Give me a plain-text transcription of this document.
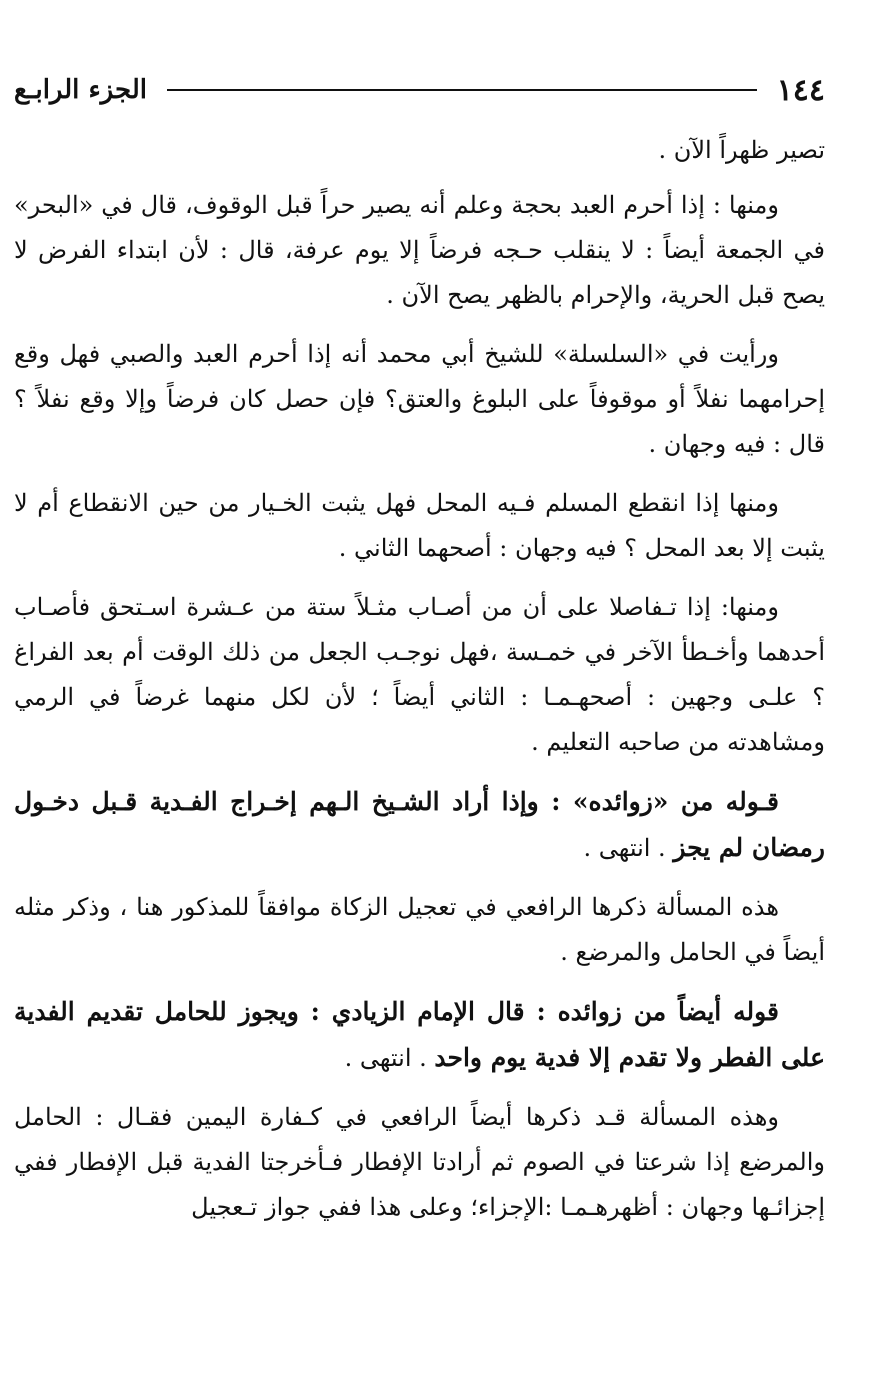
١٤٤
الجزء الرابـع

تصير ظهراً الآن .

ومنها : إذا أحرم العبد بحجة وعلم أنه يصير حراً قبل الوقوف، قال في «البحر» في الجمعة أيضاً : لا ينقلب حـجه فرضاً إلا يوم عرفة، قال : لأن ابتداء الفرض لا يصح قبل الحرية، والإحرام بالظهر يصح الآن .

ورأيت في «السلسلة» للشيخ أبي محمد أنه إذا أحرم العبد والصبي فهل وقع إحرامهما نفلاً أو موقوفاً على البلوغ والعتق؟ فإن حصل كان فرضاً وإلا وقع نفلاً ؟ قال : فيه وجهان .

ومنها إذا انقطع المسلم فـيه المحل فهل يثبت الخـيار من حين الانقطاع أم لا يثبت إلا بعد المحل ؟ فيه وجهان : أصحهما الثاني .

ومنها: إذا تـفاصلا على أن من أصـاب مثـلاً ستة من عـشرة اسـتحق فأصـاب أحدهما وأخـطأ الآخر في خمـسة ،فهل نوجـب الجعل من ذلك الوقت أم بعد الفراغ ؟ علـى وجهين : أصحهـمـا : الثاني أيضاً ؛ لأن لكل منهما غرضاً في الرمي ومشاهدته من صاحبه التعليم .

قـوله من «زوائده» : وإذا أراد الشـيخ الـهم إخـراج الفـدية قـبل دخـول رمضان لم يجز . انتهى .

هذه المسألة ذكرها الرافعي في تعجيل الزكاة موافقاً للمذكور هنا ، وذكر مثله أيضاً في الحامل والمرضع .

قوله أيضاً من زوائده : قال الإمام الزيادي : ويجوز للحامل تقديم الفدية على الفطر ولا تقدم إلا فدية يوم واحد . انتهى .

وهذه المسألة قـد ذكرها أيضاً الرافعي في كـفارة اليمين فقـال : الحامل والمرضع إذا شرعتا في الصوم ثم أرادتا الإفطار فـأخرجتا الفدية قبل الإفطار ففي إجزائـها وجهان : أظهرهـمـا :الإجزاء؛ وعلى هذا ففي جواز تـعجيل
